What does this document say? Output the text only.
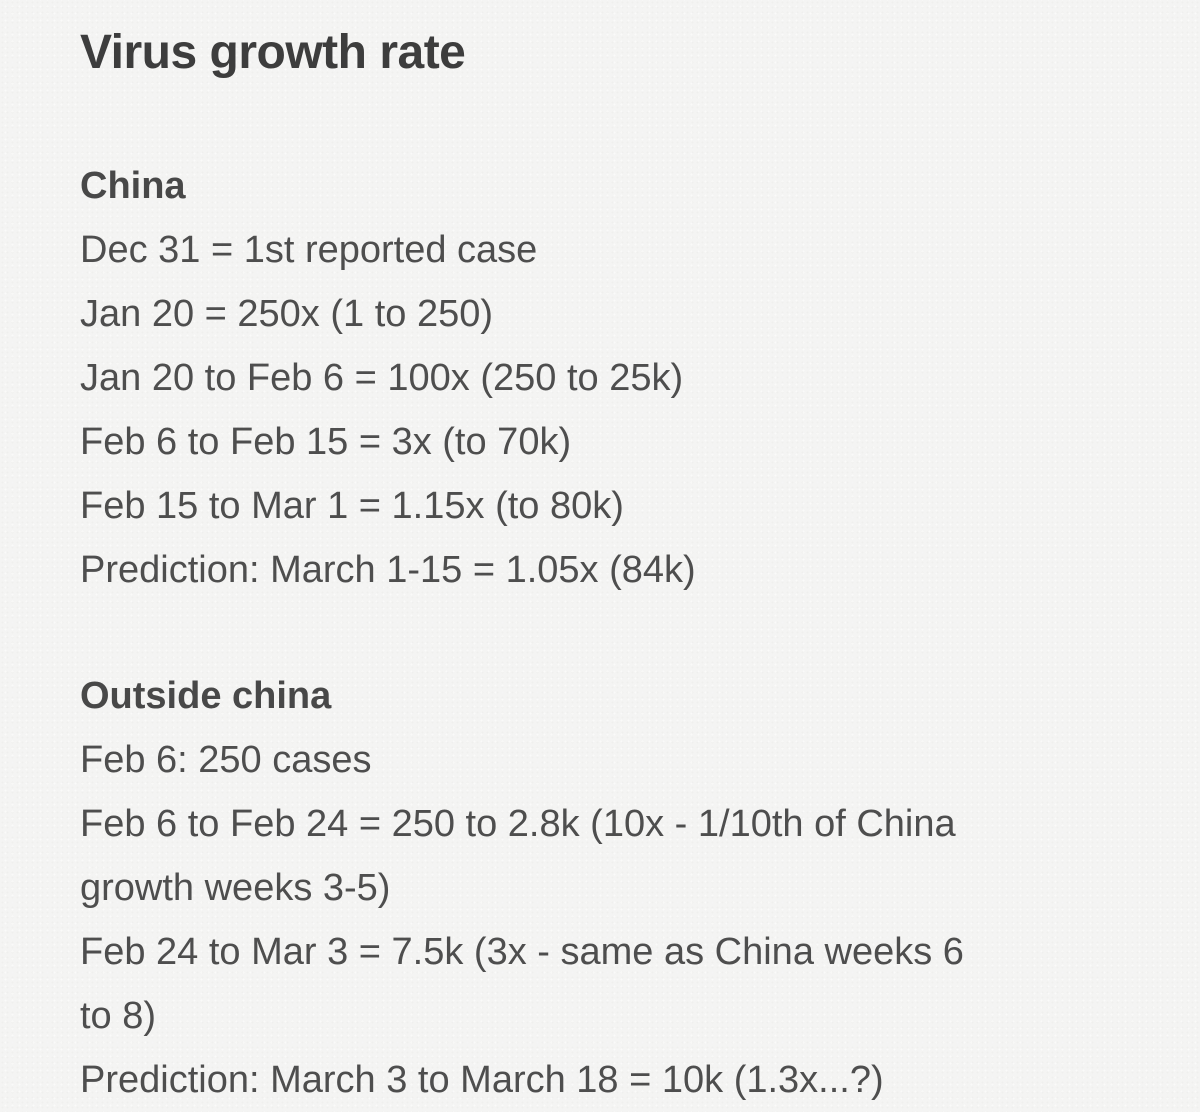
Virus growth rate

China

Dec 31 = 1st reported case

Jan 20 = 250x (1 to 250)

Jan 20 to Feb 6 = 100x (250 to 25k)

Feb 6 to Feb 15 = 3x (to 70k)

Feb 15 to Mar 1 = 1.15x (to 80k)

Prediction: March 1-15 = 1.05x (84k)

Outside china

Feb 6: 250 cases

Feb 6 to Feb 24 = 250 to 2.8k (10x - 1/10th of China

growth weeks 3-5)

Feb 24 to Mar 3 = 7.5k (3x - same as China weeks 6

to 8)

Prediction: March 3 to March 18 = 10k (1.3x...?)
